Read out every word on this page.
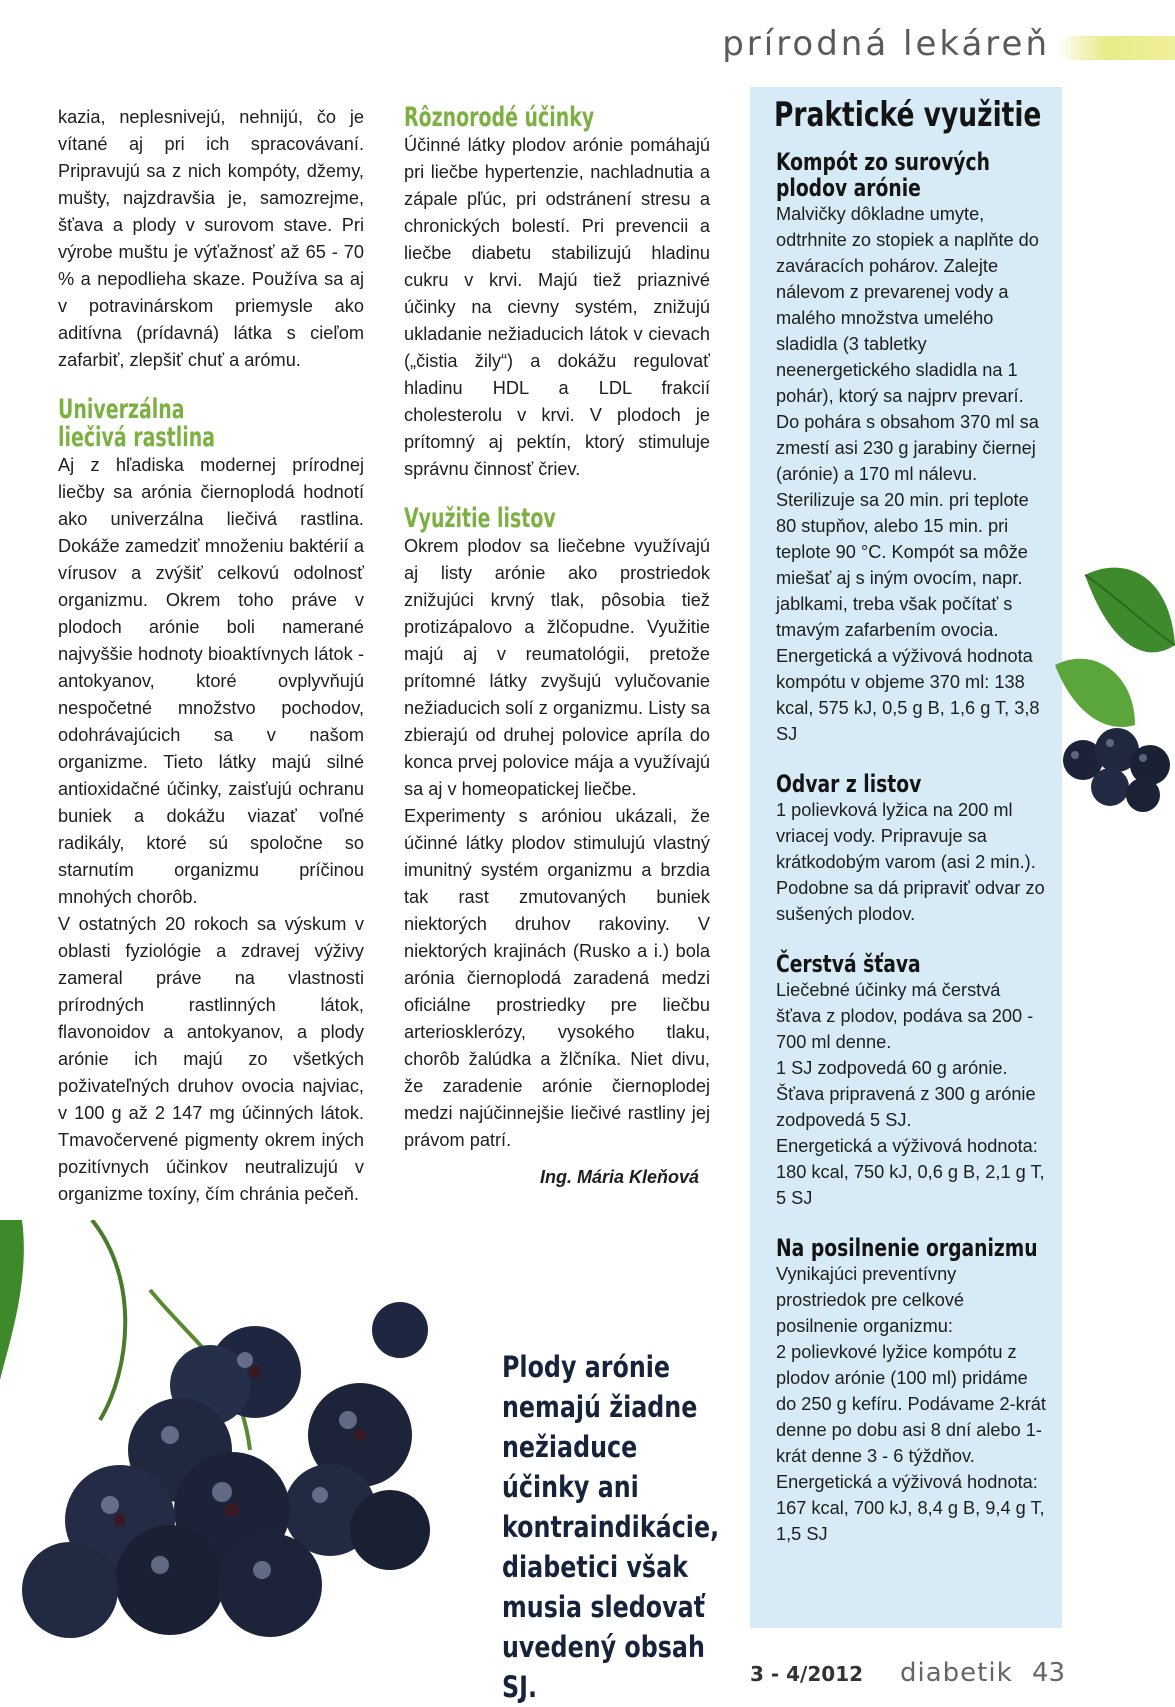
prírodná lekáreň

kazia, neplesnivejú, nehnijú, čo je vítané aj pri ich spracovávaní. Pripravujú sa z nich kompóty, džemy, mušty, najzdravšia je, samozrejme, šťava a plody v surovom stave. Pri výrobe muštu je výťažnosť až 65 - 70 % a nepodlieha skaze. Používa sa aj v potravinárskom priemysle ako aditívna (prídavná) látka s cieľom zafarbiť, zlepšiť chuť a arómu.

Univerzálna liečivá rastlina

Aj z hľadiska modernej prírodnej liečby sa arónia čiernoplodá hodnotí ako univerzálna liečivá rastlina. Dokáže zamedziť množeniu baktérií a vírusov a zvýšiť celkovú odolnosť organizmu. Okrem toho práve v plodoch arónie boli namerané najvyššie hodnoty bioaktívnych látok - antokyanov, ktoré ovplyvňujú nespočetné množstvo pochodov, odohrávajúcich sa v našom organizme. Tieto látky majú silné antioxidačné účinky, zaisťujú ochranu buniek a dokážu viazať voľné radikály, ktoré sú spoločne so starnutím organizmu príčinou mnohých chorôb.

V ostatných 20 rokoch sa výskum v oblasti fyziológie a zdravej výživy zameral práve na vlastnosti prírodných rastlinných látok, flavonoidov a antokyanov, a plody arónie ich majú zo všetkých poživateľných druhov ovocia najviac, v 100 g až 2 147 mg účinných látok. Tmavočervené pigmenty okrem iných pozitívnych účinkov neutralizujú v organizme toxíny, čím chránia pečeň.

Rôznorodé účinky

Účinné látky plodov arónie pomáhajú pri liečbe hypertenzie, nachladnutia a zápale pľúc, pri odstránení stresu a chronických bolestí. Pri prevencii a liečbe diabetu stabilizujú hladinu cukru v krvi. Majú tiež priaznivé účinky na cievny systém, znižujú ukladanie nežiaducich látok v cievach („čistia žily“) a dokážu regulovať hladinu HDL a LDL frakcií cholesterolu v krvi. V plodoch je prítomný aj pektín, ktorý stimuluje správnu činnosť čriev.

Využitie listov

Okrem plodov sa liečebne využívajú aj listy arónie ako prostriedok znižujúci krvný tlak, pôsobia tiež protizápalovo a žlčopudne. Využitie majú aj v reumatológii, pretože prítomné látky zvyšujú vylučovanie nežiaducich solí z organizmu. Listy sa zbierajú od druhej polovice apríla do konca prvej polovice mája a využívajú sa aj v homeopatickej liečbe.

Experimenty s aróniou ukázali, že účinné látky plodov stimulujú vlastný imunitný systém organizmu a brzdia tak rast zmutovaných buniek niektorých druhov rakoviny. V niektorých krajinách (Rusko a i.) bola arónia čiernoplodá zaradená medzi oficiálne prostriedky pre liečbu arteriosklerózy, vysokého tlaku, chorôb žalúdka a žlčníka. Niet divu, že zaradenie arónie čiernoplodej medzi najúčinnejšie liečivé rastliny jej právom patrí.

Ing. Mária Kleňová
Praktické využitie
Kompót zo surových plodov arónie

Malvičky dôkladne umyte, odtrhnite zo stopiek a naplňte do zaváracích pohárov. Zalejte nálevom z prevarenej vody a malého množstva umelého sladidla (3 tabletky neenergetického sladidla na 1 pohár), ktorý sa najprv prevarí. Do pohára s obsahom 370 ml sa zmestí asi 230 g jarabiny čiernej (arónie) a 170 ml nálevu. Sterilizuje sa 20 min. pri teplote 80 stupňov, alebo 15 min. pri teplote 90 °C. Kompót sa môže miešať aj s iným ovocím, napr. jablkami, treba však počítať s tmavým zafarbením ovocia.

Energetická a výživová hodnota kompótu v objeme 370 ml: 138 kcal, 575 kJ, 0,5 g B, 1,6 g T, 3,8 SJ

Odvar z listov

1 polievková lyžica na 200 ml vriacej vody. Pripravuje sa krátkodobým varom (asi 2 min.). Podobne sa dá pripraviť odvar zo sušených plodov.

Čerstvá šťava

Liečebné účinky má čerstvá šťava z plodov, podáva sa 200 - 700 ml denne.

1 SJ zodpovedá 60 g arónie. Šťava pripravená z 300 g arónie zodpovedá 5 SJ.

Energetická a výživová hodnota: 180 kcal, 750 kJ, 0,6 g B, 2,1 g T, 5 SJ

Na posilnenie organizmu

Vynikajúci preventívny prostriedok pre celkové posilnenie organizmu:

2 polievkové lyžice kompótu z plodov arónie (100 ml) pridáme do 250 g kefíru. Podávame 2-krát denne po dobu asi 8 dní alebo 1-krát denne 3 - 6 týždňov.

Energetická a výživová hodnota: 167 kcal, 700 kJ, 8,4 g B, 9,4 g T, 1,5 SJ

Plody arónie nemajú žiadne nežiaduce účinky ani kontraindikácie, diabetici však musia sledovať uvedený obsah SJ.	3 - 4/2012 diabetik 43
